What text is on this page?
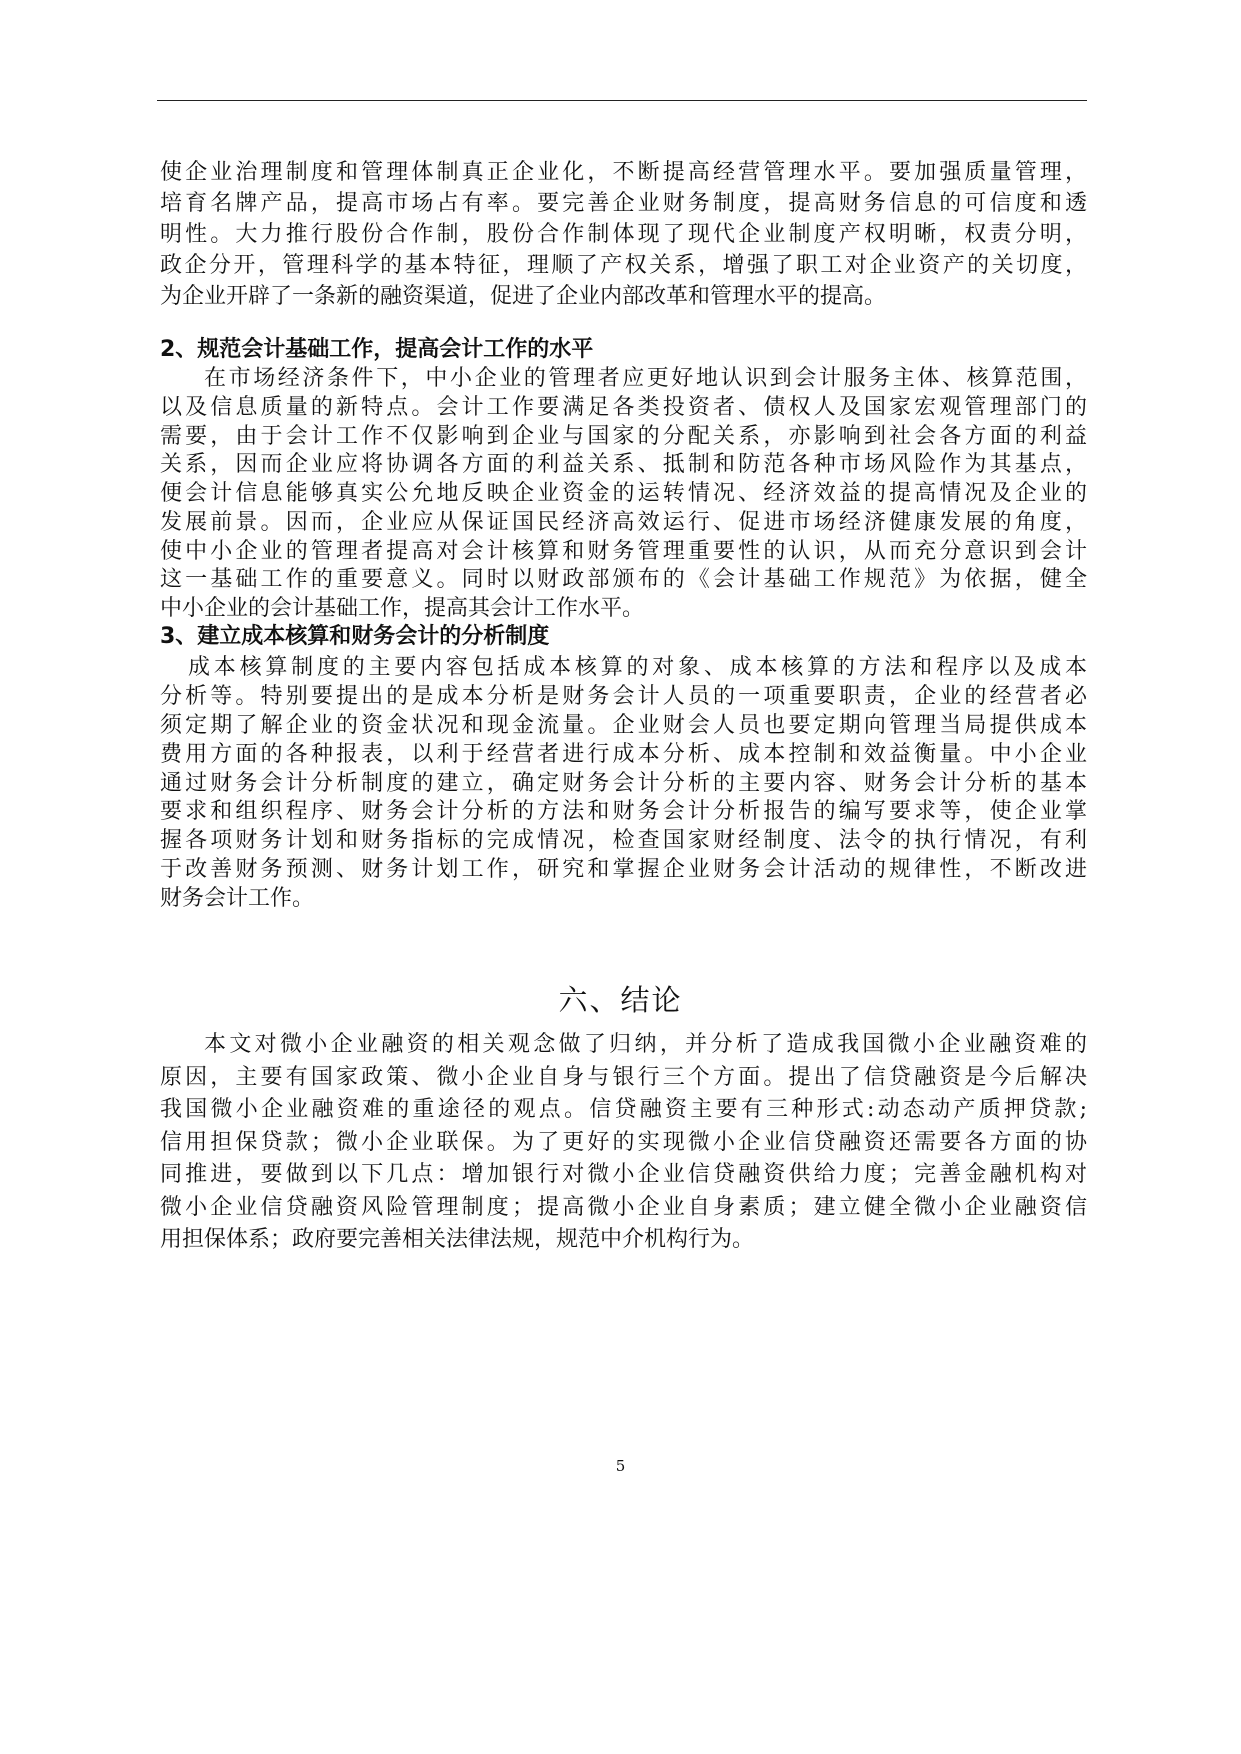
使企业治理制度和管理体制真正企业化，不断提高经营管理水平。要加强质量管理，
培育名牌产品，提高市场占有率。要完善企业财务制度，提高财务信息的可信度和透
明性。大力推行股份合作制，股份合作制体现了现代企业制度产权明晰，权责分明，
政企分开，管理科学的基本特征，理顺了产权关系，增强了职工对企业资产的关切度，
为企业开辟了一条新的融资渠道，促进了企业内部改革和管理水平的提高。
2、规范会计基础工作，提高会计工作的水平
在市场经济条件下，中小企业的管理者应更好地认识到会计服务主体、核算范围，
以及信息质量的新特点。会计工作要满足各类投资者、债权人及国家宏观管理部门的
需要，由于会计工作不仅影响到企业与国家的分配关系，亦影响到社会各方面的利益
关系，因而企业应将协调各方面的利益关系、抵制和防范各种市场风险作为其基点，
便会计信息能够真实公允地反映企业资金的运转情况、经济效益的提高情况及企业的
发展前景。因而，企业应从保证国民经济高效运行、促进市场经济健康发展的角度，
使中小企业的管理者提高对会计核算和财务管理重要性的认识，从而充分意识到会计
这一基础工作的重要意义。同时以财政部颁布的《会计基础工作规范》为依据，健全
中小企业的会计基础工作，提高其会计工作水平。
3、建立成本核算和财务会计的分析制度
成本核算制度的主要内容包括成本核算的对象、成本核算的方法和程序以及成本
分析等。特别要提出的是成本分析是财务会计人员的一项重要职责，企业的经营者必
须定期了解企业的资金状况和现金流量。企业财会人员也要定期向管理当局提供成本
费用方面的各种报表，以利于经营者进行成本分析、成本控制和效益衡量。中小企业
通过财务会计分析制度的建立，确定财务会计分析的主要内容、财务会计分析的基本
要求和组织程序、财务会计分析的方法和财务会计分析报告的编写要求等，使企业掌
握各项财务计划和财务指标的完成情况，检查国家财经制度、法令的执行情况，有利
于改善财务预测、财务计划工作，研究和掌握企业财务会计活动的规律性，不断改进
财务会计工作。
六、结论
本文对微小企业融资的相关观念做了归纳，并分析了造成我国微小企业融资难的
原因，主要有国家政策、微小企业自身与银行三个方面。提出了信贷融资是今后解决
我国微小企业融资难的重途径的观点。信贷融资主要有三种形式:动态动产质押贷款;
信用担保贷款；微小企业联保。为了更好的实现微小企业信贷融资还需要各方面的协
同推进，要做到以下几点：增加银行对微小企业信贷融资供给力度；完善金融机构对
微小企业信贷融资风险管理制度；提高微小企业自身素质；建立健全微小企业融资信
用担保体系；政府要完善相关法律法规，规范中介机构行为。
5
